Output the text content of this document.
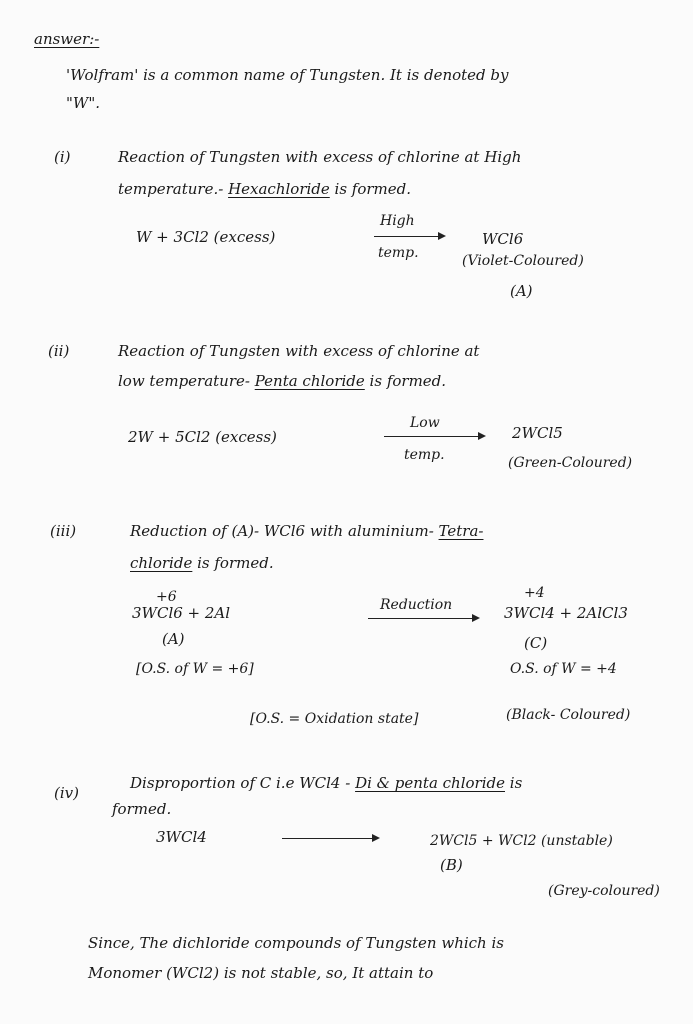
answer:-
'Wolfram' is a common name of Tungsten. It is denoted by
"W".
(i)	Reaction of Tungsten with excess of chlorine at High
temperature.- Hexachloride is formed.
W + 3Cl2 (excess)
High
temp.
WCl6
(Violet-Coloured)
(A)
(ii)	Reaction of Tungsten with excess of chlorine at
low temperature- Penta chloride is formed.
2W + 5Cl2 (excess)
Low
temp.
2WCl5
(Green-Coloured)
(iii)	Reduction of (A)- WCl6 with aluminium- Tetra-
chloride is formed.
+6	+4
3WCl6 + 2Al	Reduction	3WCl4 + 2AlCl3
(A)	(C)
[O.S. of W = +6]	O.S. of W = +4
[O.S. = Oxidation state]	(Black- Coloured)
(iv)
Disproportion of C i.e WCl4 - Di & penta chloride is
formed.
3WCl4	2WCl5 + WCl2 (unstable)
(B)
(Grey-coloured)
Since, The dichloride compounds of Tungsten which is
Monomer (WCl2) is not stable, so, It attain to
